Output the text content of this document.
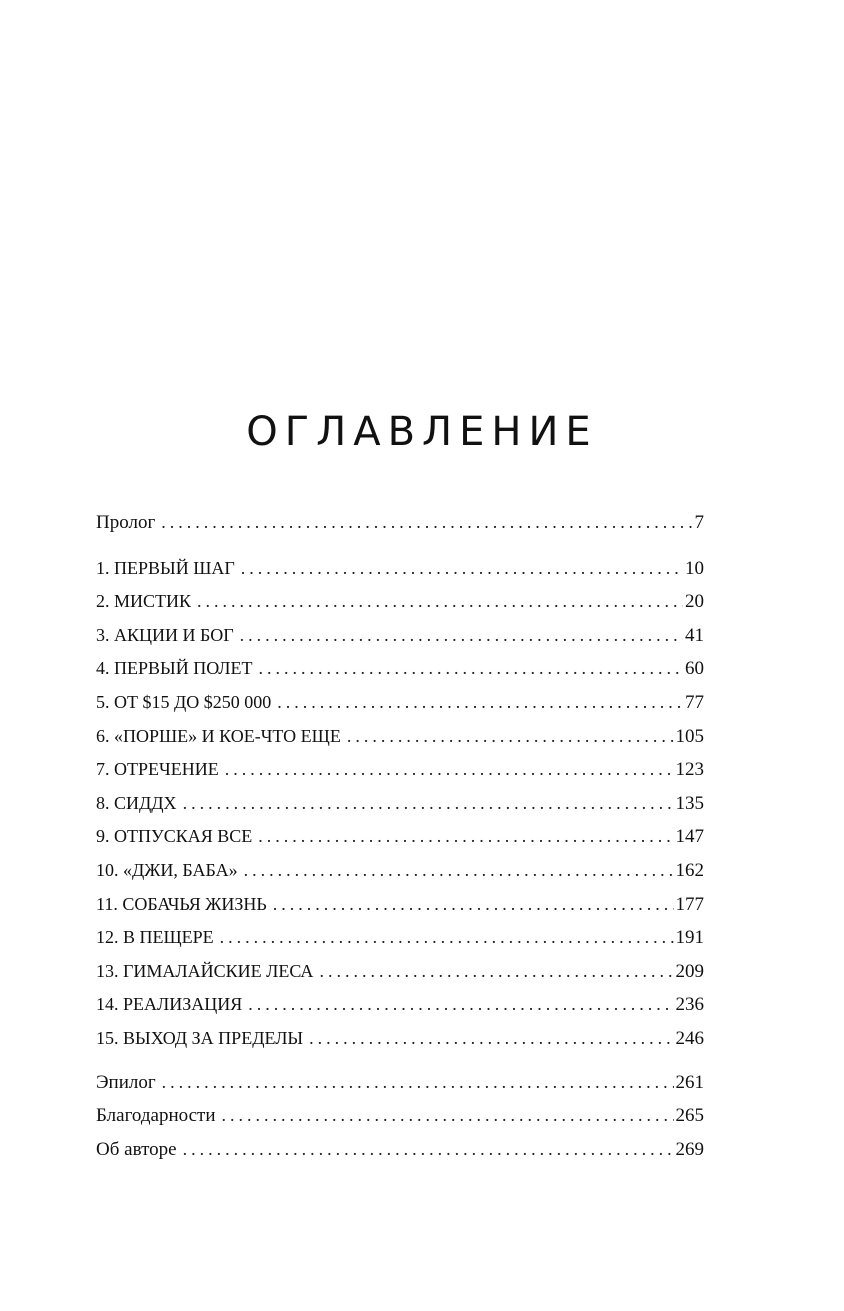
ОГЛАВЛЕНИЕ
Пролог .....	7
1. ПЕРВЫЙ ШАГ .....	10
2. МИСТИК .....	20
3. АКЦИИ И БОГ .....	41
4. ПЕРВЫЙ ПОЛЕТ .....	60
5. ОТ $15 ДО $250 000 .....	77
6. «ПОРШЕ» И КОЕ-ЧТО ЕЩЕ .....	105
7. ОТРЕЧЕНИЕ .....	123
8. СИДДХ .....	135
9. ОТПУСКАЯ ВСЕ .....	147
10. «ДЖИ, БАБА» .....	162
11. СОБАЧЬЯ ЖИЗНЬ .....	177
12. В ПЕЩЕРЕ .....	191
13. ГИМАЛАЙСКИЕ ЛЕСА .....	209
14. РЕАЛИЗАЦИЯ .....	236
15. ВЫХОД ЗА ПРЕДЕЛЫ .....	246
Эпилог .....	261
Благодарности .....	265
Об авторе .....	269
